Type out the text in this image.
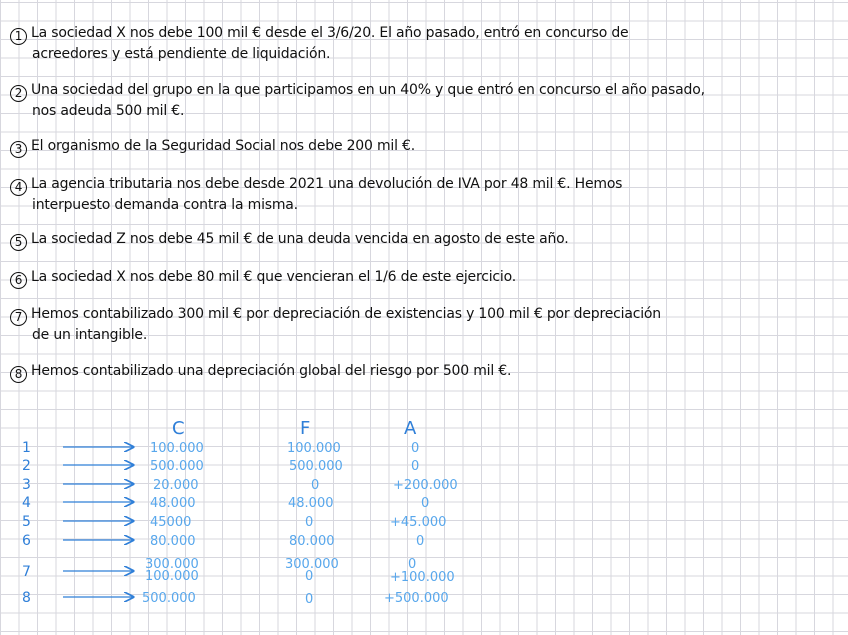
1 La sociedad X nos debe 100 mil € desde el 3/6/20. El año pasado, entró en concurso de
acreedores y está pendiente de liquidación.
2 Una sociedad del grupo en la que participamos en un 40% y que entró en concurso el año pasado,
nos adeuda 500 mil €.
3 El organismo de la Seguridad Social nos debe 200 mil €.
4 La agencia tributaria nos debe desde 2021 una devolución de IVA por 48 mil €. Hemos
interpuesto demanda contra la misma.
5 La sociedad Z nos debe 45 mil € de una deuda vencida en agosto de este año.
6 La sociedad X nos debe 80 mil € que vencieran el 1/6 de este ejercicio.
7 Hemos contabilizado 300 mil € por depreciación de existencias y 100 mil € por depreciación
de un intangible.
8 Hemos contabilizado una depreciación global del riesgo por 500 mil €.
C	F	A
1
2
3
4
5
6
7
8
100.000
500.000
20.000
48.000
45000
80.000
300.000
100.000
500.000
100.000
500.000
0
48.000
0
80.000
300.000
0
0
0
0
+200.000
0
+45.000
0
0
+100.000
+500.000
